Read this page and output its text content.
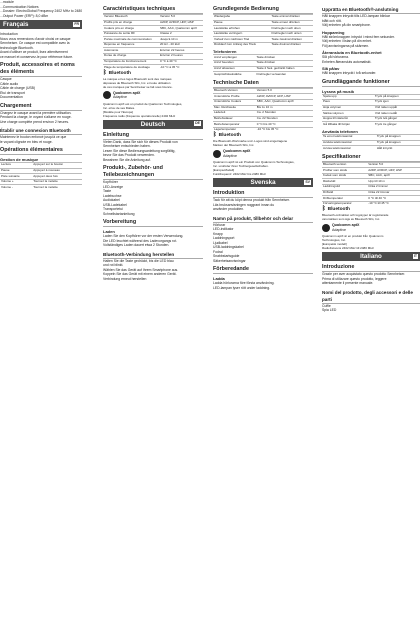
...module
...Communication Notices
...Dossier: ElectroGlobal Frequency 2402 MHz to 2480
...Output Power (ERP): 8,0 dBm
Français	FR
Introduction
Nous vous remercions d'avoir choisi ce casque
Sennheiser. Ce casque est compatible avec la
technologie Bluetooth.
Avant d'utiliser ce produit, lisez attentivement
ce manuel et conservez-le pour référence future.
Produit, accessoires et noms des éléments
Casque
Câble audio
Câble de charge (USB)
Étui de transport
Documentation
Chargement
Chargez le casque avant la première utilisation.
Pendant la charge, le voyant s'allume en rouge.
Une charge complète prend environ 2 heures.
Établir une connexion Bluetooth
Maintenez le bouton enfoncé jusqu'à ce que
le voyant clignote en bleu et rouge.
Opérations élémentaires
Gestion de musique
Lecture	Appuyez sur le bouton
Pause	Appuyez à nouveau
Piste suivante	Appuyez deux fois
Volume +	Tournez la molette
Volume -	Tournez la molette
Caractéristiques techniques
Version Bluetooth	Version 5.0
Profils pris en charge	A2DP, AVRCP, HFP, HSP
Codecs pris en charge	SBC, AAC, Qualcomm aptX
Puissance de sortie RF	Classe 2
Portée maximale de communication	Jusqu'à 10 m
Réponse en fréquence	20 Hz - 20 kHz
Autonomie	Environ 22 heures
Durée de charge	Environ 2 heures
Température de fonctionnement	0 °C à 40 °C
Plage de température de stockage	-10 °C à 45 °C
ᛒ Bluetooth
La marque et les logos Bluetooth sont des marques
déposées de Bluetooth SIG, Inc. et toute utilisation
de ces marques par Sennheiser se fait sous licence.
Qualcomm aptX
Adaptive
Qualcomm aptX est un produit de Qualcomm Technologies,
Inc. et/ou de ses filiales.
[Modèle pour l'Europe]
Fréquence radio (fréquence opérationnelle) 2402 MHz
Deutsch	DE
Einleitung
Vielen Dank, dass Sie sich für dieses Produkt von
Sennheiser entschieden haben.
Lesen Sie diese Bedienungsanleitung sorgfältig,
bevor Sie das Produkt verwenden.
Bewahren Sie die Anleitung auf.
Produkt-, Zubehör- und Teilebezeichnungen
Kopfhörer
LED-Anzeige
Taste
Ladebuchse
Audiokabel
USB-Ladekabel
Transportetui
Schnellstartanleitung
Vorbereitung
Laden
Laden Sie den Kopfhörer vor der ersten Verwendung.
Die LED leuchtet während des Ladevorgangs rot.
Vollständiges Laden dauert etwa 2 Stunden.
Bluetooth-Verbindung herstellen
Halten Sie die Taste gedrückt, bis die LED blau
und rot blinkt.
Wählen Sie das Gerät auf Ihrem Smartphone aus.
Koppeln Sie das Gerät mit einem anderen Gerät.
Verbindung erneut herstellen
Grundlegende Bedienung
Wiedergabe	Taste einmal drücken
Pause	Taste erneut drücken
Lautstärke erhöhen	Drehregler nach oben
Lautstärke verringern	Drehregler nach unten
Vorlauf zum nächsten Titel	Taste zweimal drücken
Rücklauf zum Anfang des Titels	Taste dreimal drücken
Telefonieren
Anruf empfangen	Taste drücken
Anruf beenden	Taste drücken
Anruf abweisen	Taste 2 Sek. gedrückt halten
Gesprächslautstärke	Drehregler verwenden
Technische Daten
Bluetooth-Version	Version 5.0
Unterstützte Profile	A2DP, AVRCP, HFP, HSP
Unterstützte Codecs	SBC, AAC, Qualcomm aptX
Max. Reichweite	Bis zu 10 m
Ladezeit	Ca. 2 Stunden
Betriebsdauer	Ca. 22 Stunden
Betriebstemperatur	0 °C bis 40 °C
Lagertemperatur	-10 °C bis 45 °C
ᛒ Bluetooth
Die Bluetooth-Wortmarke und -Logos sind eingetragene
Marken der Bluetooth SIG, Inc.
Qualcomm aptX
Adaptive
Qualcomm aptX ist ein Produkt von Qualcomm Technologies,
Inc. und/oder ihren Tochtergesellschaften.
[Europa-Modell]
Funkfrequenz: 2402 MHz bis 2480 MHz
Svenska	SV
Introduktion
Tack för att du köpt denna produkt från Sennheiser.
Läs bruksanvisningen noggrant innan du
använder produkten.
Namn på produkt, tillbehör och delar
Hörlurar
LED-indikator
Knapp
Laddningsport
Ljudkabel
USB-laddningskabel
Fodral
Snabbstartsguide
Säkerhetsanvisningar
Förberedande
Ladda
Ladda hörlurarna före första användning.
LED-lampan lyser rött under laddning.
Upprätta en Bluetooth®-anslutning
Håll knappen intryckt tills LED-lampan blinkar
blått och rött.
Välj enheten på din smartphone.
Hopparning
Håll strömknappen intryckt i minst fem sekunder.
Välj enheten i listan på din enhet.
Följ anvisningarna på skärmen.
Återansluta en Bluetooth-enhet
Slå på hörlurarna.
Enheten återansluts automatiskt.
Slå på/av
Håll knappen intryckt i två sekunder.
Grundläggande funktioner
Lyssna på musik
Spela upp	Tryck på knappen
Paus	Tryck igen
Höja volymen	Vrid ratten uppåt
Sänka volymen	Vrid ratten nedåt
Hoppa till nästa låt	Tryck två gånger
Gå tillbaka till början	Tryck tre gånger
Använda telefonen
Ta emot telefonsamtal	Tryck på knappen
Avsluta telefonsamtal	Tryck på knappen
Avvisa telefonsamtal	Håll intryckt
Specifikationer
Bluetooth-version	Version 5.0
Profiler som stöds	A2DP, AVRCP, HFP, HSP
Kodek som stöds	SBC, AAC, aptX
Räckvidd	Upp till 10 m
Laddningstid	Cirka 2 timmar
Driftstid	Cirka 22 timmar
Drifttemperatur	0 °C till 40 °C
Förvaringstemperatur	-10 °C till 45 °C
ᛒ Bluetooth
Bluetooth-ordmärket och logotyper är registrerade
varumärken som ägs av Bluetooth SIG, Inc.
Qualcomm aptX
Adaptive
Qualcomm aptX är en produkt från Qualcomm
Technologies, Inc.
[Europeisk modell]
Radiofrekvens 2402 MHz till 2480 MHz
Italiano	IT
Introduzione
Grazie per aver acquistato questo prodotto Sennheiser.
Prima di utilizzare questo prodotto, leggere
attentamente il presente manuale.
Nomi del prodotto, degli accessori e delle parti
Cuffie
Spia LED
